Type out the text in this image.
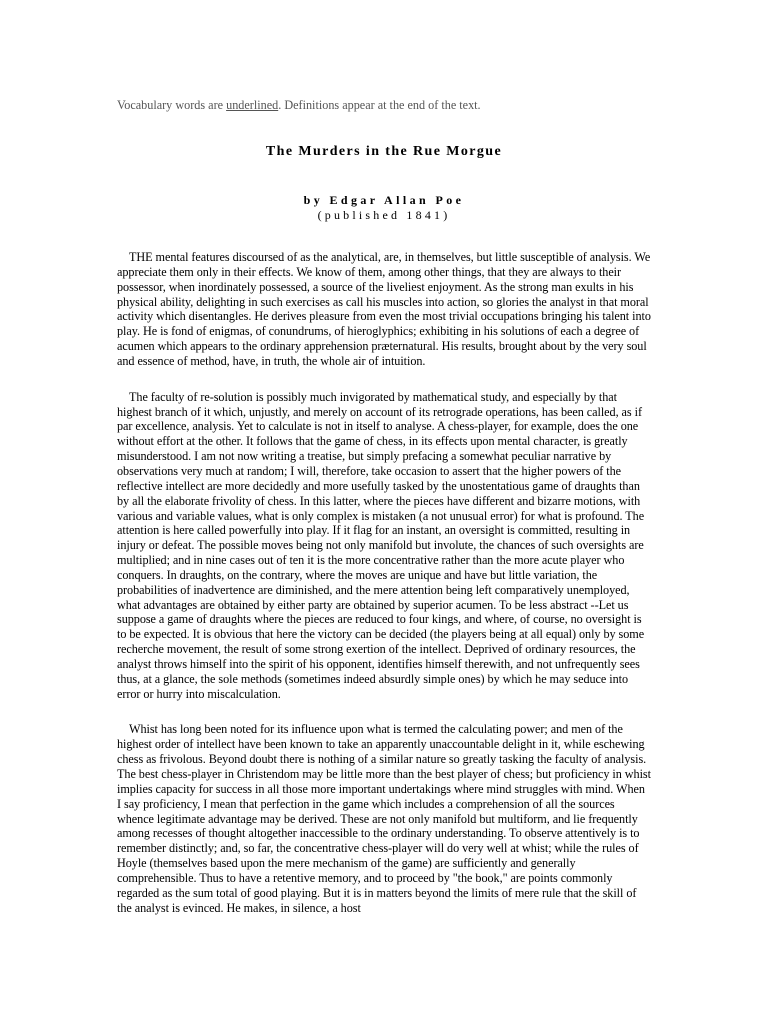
Vocabulary words are underlined. Definitions appear at the end of the text.

The Murders in the Rue Morgue

by Edgar Allan Poe

(published 1841)

THE mental features discoursed of as the analytical, are, in themselves, but little susceptible of analysis. We appreciate them only in their effects. We know of them, among other things, that they are always to their possessor, when inordinately possessed, a source of the liveliest enjoyment. As the strong man exults in his physical ability, delighting in such exercises as call his muscles into action, so glories the analyst in that moral activity which disentangles. He derives pleasure from even the most trivial occupations bringing his talent into play. He is fond of enigmas, of conundrums, of hieroglyphics; exhibiting in his solutions of each a degree of acumen which appears to the ordinary apprehension præternatural. His results, brought about by the very soul and essence of method, have, in truth, the whole air of intuition.

The faculty of re-solution is possibly much invigorated by mathematical study, and especially by that highest branch of it which, unjustly, and merely on account of its retrograde operations, has been called, as if par excellence, analysis. Yet to calculate is not in itself to analyse. A chess-player, for example, does the one without effort at the other. It follows that the game of chess, in its effects upon mental character, is greatly misunderstood. I am not now writing a treatise, but simply prefacing a somewhat peculiar narrative by observations very much at random; I will, therefore, take occasion to assert that the higher powers of the reflective intellect are more decidedly and more usefully tasked by the unostentatious game of draughts than by all the elaborate frivolity of chess. In this latter, where the pieces have different and bizarre motions, with various and variable values, what is only complex is mistaken (a not unusual error) for what is profound. The attention is here called powerfully into play. If it flag for an instant, an oversight is committed, resulting in injury or defeat. The possible moves being not only manifold but involute, the chances of such oversights are multiplied; and in nine cases out of ten it is the more concentrative rather than the more acute player who conquers. In draughts, on the contrary, where the moves are unique and have but little variation, the probabilities of inadvertence are diminished, and the mere attention being left comparatively unemployed, what advantages are obtained by either party are obtained by superior acumen. To be less abstract --Let us suppose a game of draughts where the pieces are reduced to four kings, and where, of course, no oversight is to be expected. It is obvious that here the victory can be decided (the players being at all equal) only by some recherche movement, the result of some strong exertion of the intellect. Deprived of ordinary resources, the analyst throws himself into the spirit of his opponent, identifies himself therewith, and not unfrequently sees thus, at a glance, the sole methods (sometimes indeed absurdly simple ones) by which he may seduce into error or hurry into miscalculation.

Whist has long been noted for its influence upon what is termed the calculating power; and men of the highest order of intellect have been known to take an apparently unaccountable delight in it, while eschewing chess as frivolous. Beyond doubt there is nothing of a similar nature so greatly tasking the faculty of analysis. The best chess-player in Christendom may be little more than the best player of chess; but proficiency in whist implies capacity for success in all those more important undertakings where mind struggles with mind. When I say proficiency, I mean that perfection in the game which includes a comprehension of all the sources whence legitimate advantage may be derived. These are not only manifold but multiform, and lie frequently among recesses of thought altogether inaccessible to the ordinary understanding. To observe attentively is to remember distinctly; and, so far, the concentrative chess-player will do very well at whist; while the rules of Hoyle (themselves based upon the mere mechanism of the game) are sufficiently and generally comprehensible. Thus to have a retentive memory, and to proceed by "the book," are points commonly regarded as the sum total of good playing. But it is in matters beyond the limits of mere rule that the skill of the analyst is evinced. He makes, in silence, a host
